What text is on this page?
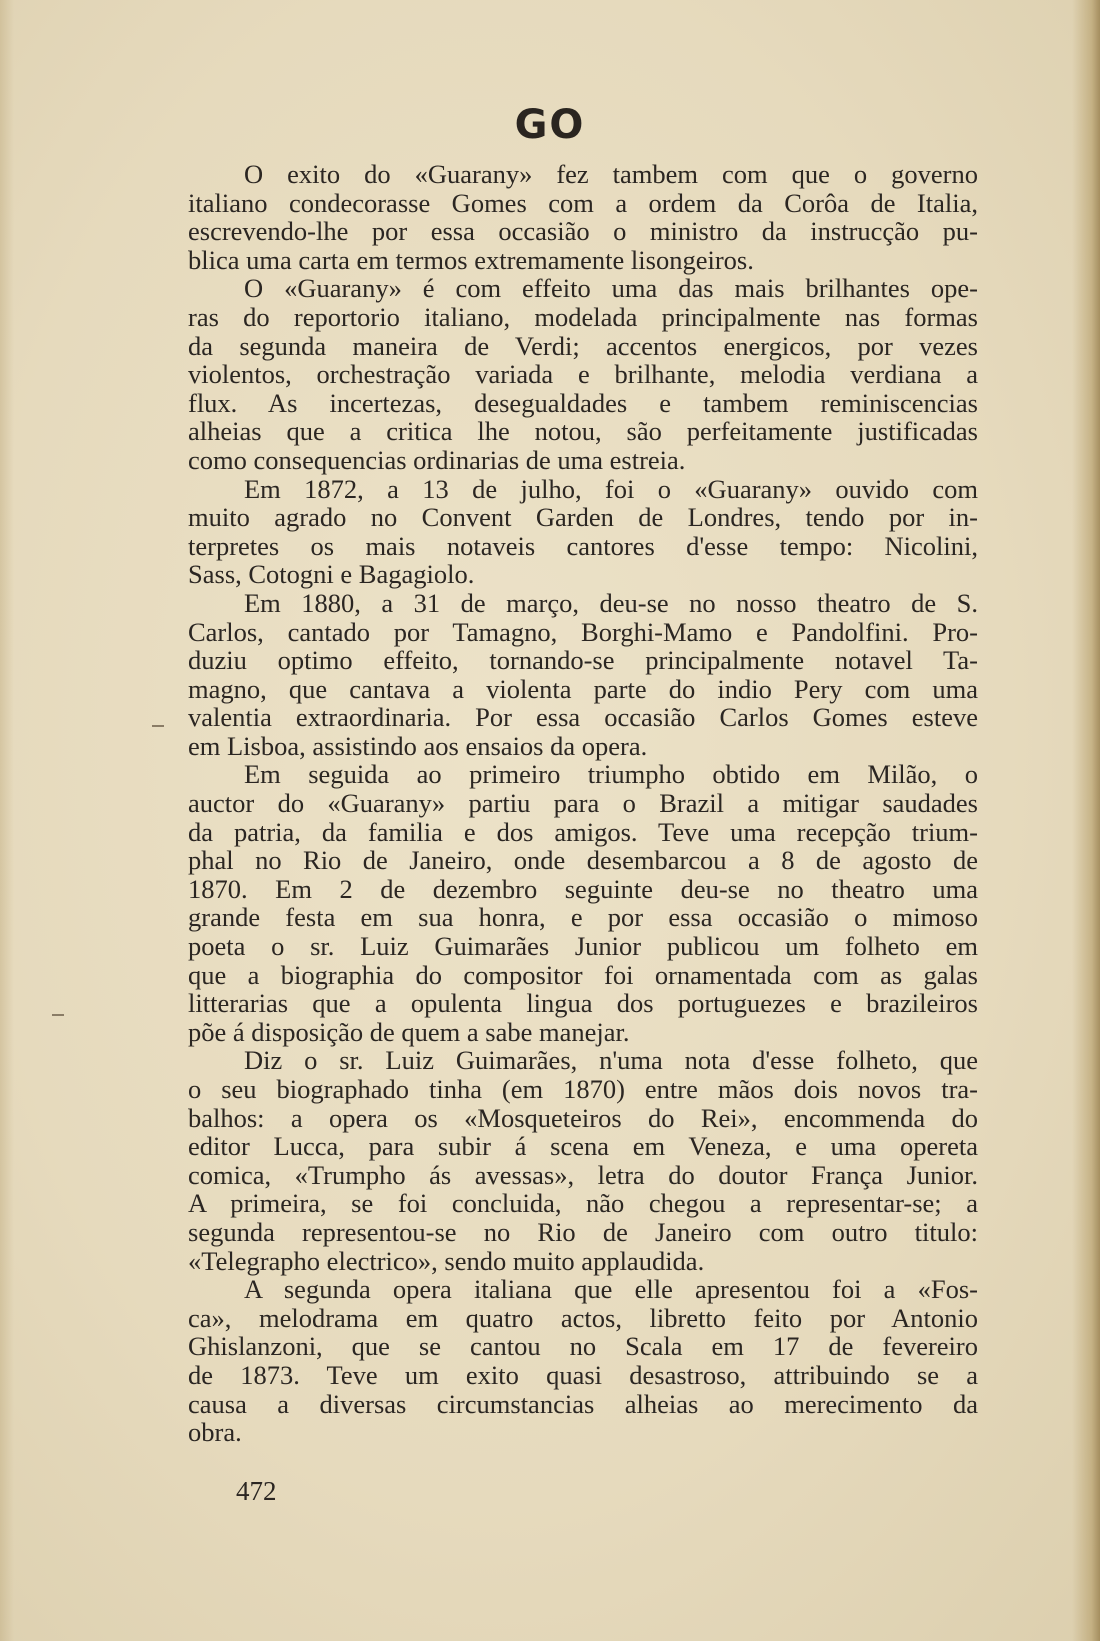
GO
O exito do «Guarany» fez tambem com que o governo
italiano condecorasse Gomes com a ordem da Corôa de Italia,
escrevendo-lhe por essa occasião o ministro da instrucção pu-
blica uma carta em termos extremamente lisongeiros.
O «Guarany» é com effeito uma das mais brilhantes ope-
ras do reportorio italiano, modelada principalmente nas formas
da segunda maneira de Verdi; accentos energicos, por vezes
violentos, orchestração variada e brilhante, melodia verdiana a
flux. As incertezas, desegualdades e tambem reminiscencias
alheias que a critica lhe notou, são perfeitamente justificadas
como consequencias ordinarias de uma estreia.
Em 1872, a 13 de julho, foi o «Guarany» ouvido com
muito agrado no Convent Garden de Londres, tendo por in-
terpretes os mais notaveis cantores d'esse tempo: Nicolini,
Sass, Cotogni e Bagagiolo.
Em 1880, a 31 de março, deu-se no nosso theatro de S.
Carlos, cantado por Tamagno, Borghi-Mamo e Pandolfini. Pro-
duziu optimo effeito, tornando-se principalmente notavel Ta-
magno, que cantava a violenta parte do indio Pery com uma
valentia extraordinaria. Por essa occasião Carlos Gomes esteve
em Lisboa, assistindo aos ensaios da opera.
Em seguida ao primeiro triumpho obtido em Milão, o
auctor do «Guarany» partiu para o Brazil a mitigar saudades
da patria, da familia e dos amigos. Teve uma recepção trium-
phal no Rio de Janeiro, onde desembarcou a 8 de agosto de
1870. Em 2 de dezembro seguinte deu-se no theatro uma
grande festa em sua honra, e por essa occasião o mimoso
poeta o sr. Luiz Guimarães Junior publicou um folheto em
que a biographia do compositor foi ornamentada com as galas
litterarias que a opulenta lingua dos portuguezes e brazileiros
põe á disposição de quem a sabe manejar.
Diz o sr. Luiz Guimarães, n'uma nota d'esse folheto, que
o seu biographado tinha (em 1870) entre mãos dois novos tra-
balhos: a opera os «Mosqueteiros do Rei», encommenda do
editor Lucca, para subir á scena em Veneza, e uma opereta
comica, «Trumpho ás avessas», letra do doutor França Junior.
A primeira, se foi concluida, não chegou a representar-se; a
segunda representou-se no Rio de Janeiro com outro titulo:
«Telegrapho electrico», sendo muito applaudida.
A segunda opera italiana que elle apresentou foi a «Fos-
ca», melodrama em quatro actos, libretto feito por Antonio
Ghislanzoni, que se cantou no Scala em 17 de fevereiro
de 1873. Teve um exito quasi desastroso, attribuindo se a
causa a diversas circumstancias alheias ao merecimento da
obra.
472
